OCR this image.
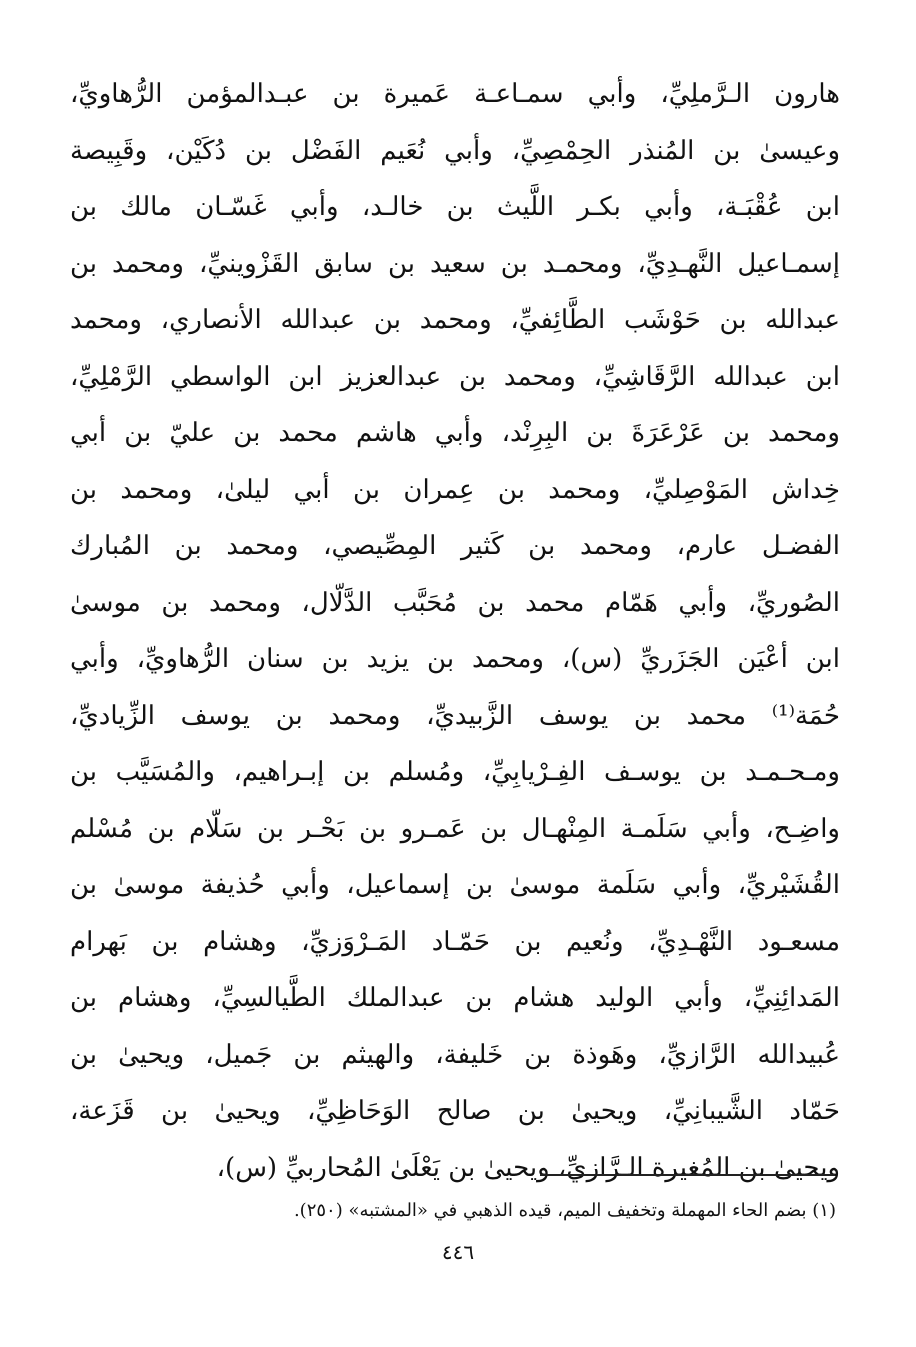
هارون الـرَّملِيِّ، وأبي سمـاعـة عَميرة بن عبـدالمؤمن الرُّهاويِّ،
وعيسىٰ بن المُنذر الحِمْصِيِّ، وأبي نُعَيم الفَضْل بن دُكَيْن، وقَبِيصة
ابن عُقْبَـة، وأبي بكـر اللَّيث بن خالـد، وأبي غَسّـان مالك بن
إسمـاعيل النَّهـدِيِّ، ومحمـد بن سعيد بن سابق القَزْوينيِّ، ومحمد بن
عبدالله بن حَوْشَب الطَّائِفيِّ، ومحمد بن عبدالله الأنصاري، ومحمد
ابن عبدالله الرَّقَاشِيِّ، ومحمد بن عبدالعزيز ابن الواسطي الرَّمْلِيِّ،
ومحمد بن عَرْعَرَةَ بن البِرِنْد، وأبي هاشم محمد بن عليّ بن أبي
خِداش المَوْصِليِّ، ومحمد بن عِمران بن أبي ليلىٰ، ومحمد بن
الفضـل عارم، ومحمد بن كَثير المِصِّيصي، ومحمد بن المُبارك
الصُوريِّ، وأبي هَمّام محمد بن مُحَبَّب الدَّلّال، ومحمد بن موسىٰ
ابن أعْيَن الجَزَريِّ (س)، ومحمد بن يزيد بن سنان الرُّهاويِّ، وأبي
حُمَة⁽¹⁾ محمد بن يوسف الزَّبيديِّ، ومحمد بن يوسف الزِّياديِّ،
ومـحـمـد بن يوسـف الفِـرْيابِيِّ، ومُسلم بن إبـراهيم، والمُسَيَّب بن
واضِـح، وأبي سَلَمـة المِنْهـال بن عَمـرو بن بَحْـر بن سَلّام بن مُسْلم
القُشَيْريِّ، وأبي سَلَمة موسىٰ بن إسماعيل، وأبي حُذيفة موسىٰ بن
مسعـود النَّهْـدِيِّ، ونُعيم بن حَمّـاد المَـرْوَزيِّ، وهشام بن بَهرام
المَدائِنِيِّ، وأبي الوليد هشام بن عبدالملك الطَّيالسِيِّ، وهشام بن
عُبيدالله الرَّازيِّ، وهَوذة بن خَليفة، والهيثم بن جَميل، ويحيىٰ بن
حَمّاد الشَّيبانِيِّ، ويحيىٰ بن صالح الوَحَاظِيِّ، ويحيىٰ بن قَزَعة،
ويحيىٰ بن المُغيرة الـرَّازيِّ، ويحيىٰ بن يَعْلَىٰ المُحاربيِّ (س)،
(١) بضم الحاء المهملة وتخفيف الميم، قيده الذهبي في «المشتبه» (٢٥٠).
٤٤٦
